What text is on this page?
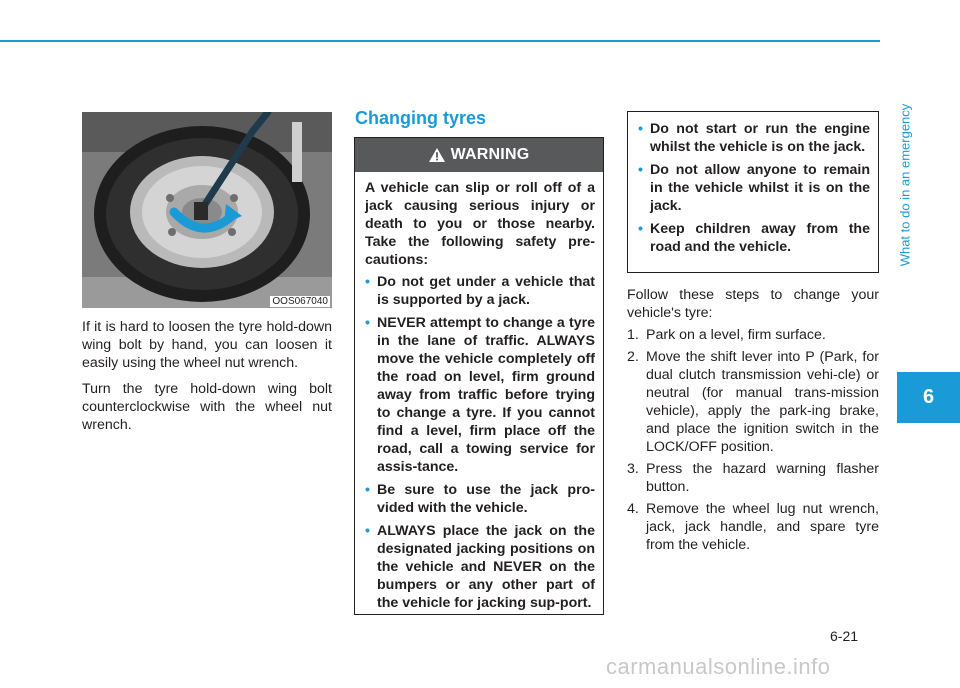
What to do in an emergency
6
OOS067040

If it is hard to loosen the tyre hold-down wing bolt by hand, you can loosen it easily using the wheel nut wrench.

Turn the tyre hold-down wing bolt counterclockwise with the wheel nut wrench.

Changing tyres
WARNING

A vehicle can slip or roll off of a jack causing serious injury or death to you or those nearby. Take the following safety pre-cautions:

• Do not get under a vehicle that is supported by a jack.
• NEVER attempt to change a tyre in the lane of traffic. ALWAYS move the vehicle completely off the road on level, firm ground away from traffic before trying to change a tyre. If you cannot find a level, firm place off the road, call a towing service for assis-tance.
• Be sure to use the jack pro-vided with the vehicle.
• ALWAYS place the jack on the designated jacking positions on the vehicle and NEVER on the bumpers or any other part of the vehicle for jacking sup-port.
• Do not start or run the engine whilst the vehicle is on the jack.
• Do not allow anyone to remain in the vehicle whilst it is on the jack.
• Keep children away from the road and the vehicle.

Follow these steps to change your vehicle's tyre:

1. Park on a level, firm surface.
2. Move the shift lever into P (Park, for dual clutch transmission vehi-cle) or neutral (for manual trans-mission vehicle), apply the park-ing brake, and place the ignition switch in the LOCK/OFF position.
3. Press the hazard warning flasher button.
4. Remove the wheel lug nut wrench, jack, jack handle, and spare tyre from the vehicle.
6-21
carmanualsonline.info
